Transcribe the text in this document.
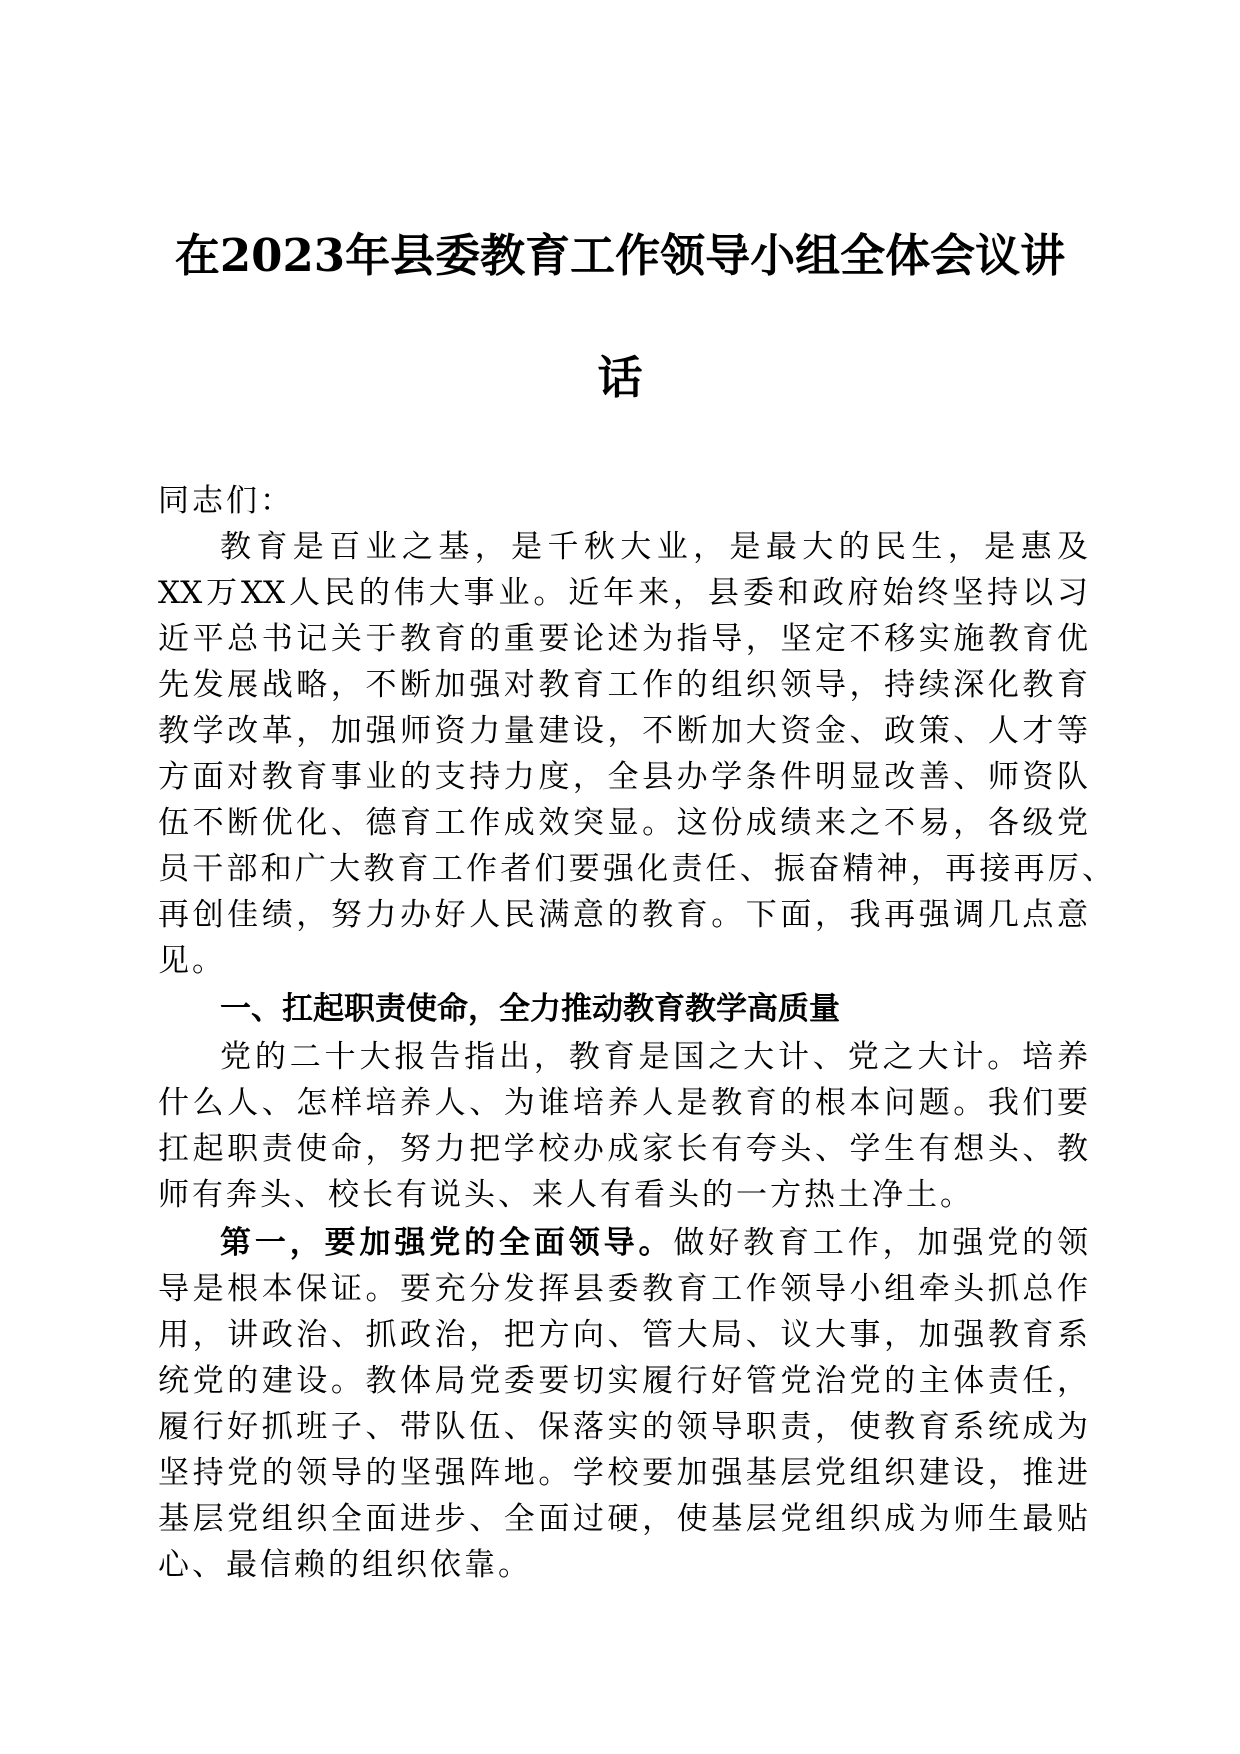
在2023年县委教育工作领导小组全体会议讲
话
同志们：
教育是百业之基，是千秋大业，是最大的民生，是惠及
XX万XX人民的伟大事业。近年来，县委和政府始终坚持以习
近平总书记关于教育的重要论述为指导，坚定不移实施教育优
先发展战略，不断加强对教育工作的组织领导，持续深化教育
教学改革，加强师资力量建设，不断加大资金、政策、人才等
方面对教育事业的支持力度，全县办学条件明显改善、师资队
伍不断优化、德育工作成效突显。这份成绩来之不易，各级党
员干部和广大教育工作者们要强化责任、振奋精神，再接再厉、
再创佳绩，努力办好人民满意的教育。下面，我再强调几点意
见。
一、扛起职责使命，全力推动教育教学高质量
党的二十大报告指出，教育是国之大计、党之大计。培养
什么人、怎样培养人、为谁培养人是教育的根本问题。我们要
扛起职责使命，努力把学校办成家长有夸头、学生有想头、教
师有奔头、校长有说头、来人有看头的一方热土净土。
第一，要加强党的全面领导。做好教育工作，加强党的领
导是根本保证。要充分发挥县委教育工作领导小组牵头抓总作
用，讲政治、抓政治，把方向、管大局、议大事，加强教育系
统党的建设。教体局党委要切实履行好管党治党的主体责任，
履行好抓班子、带队伍、保落实的领导职责，使教育系统成为
坚持党的领导的坚强阵地。学校要加强基层党组织建设，推进
基层党组织全面进步、全面过硬，使基层党组织成为师生最贴
心、最信赖的组织依靠。
